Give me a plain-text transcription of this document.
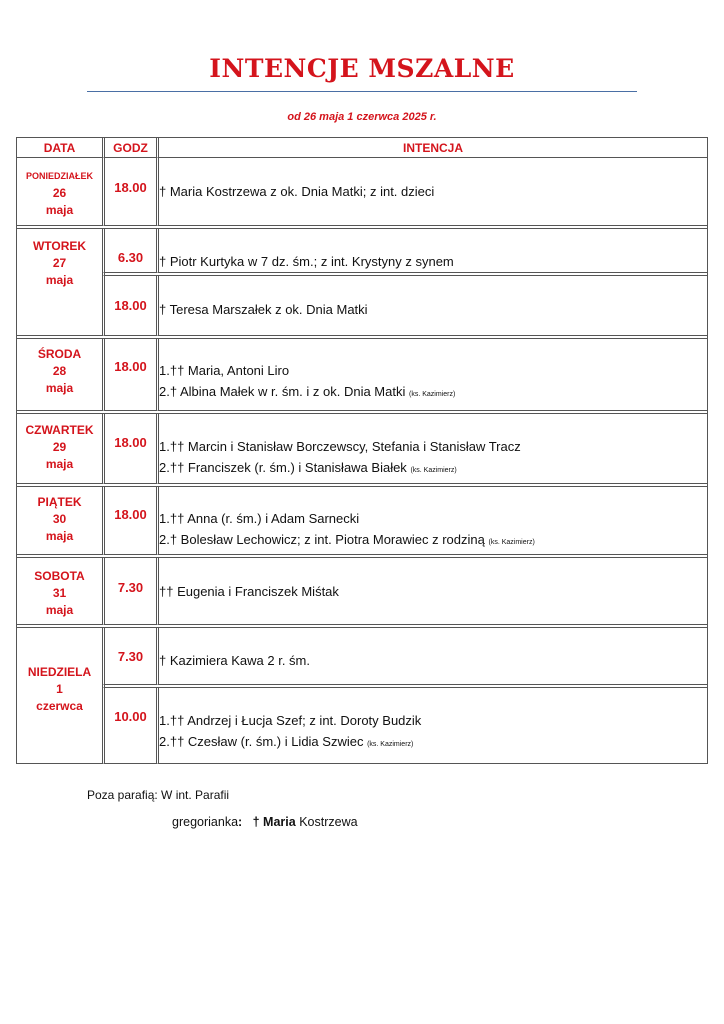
INTENCJE MSZALNE
od 26 maja 1 czerwca 2025 r.
DATA	GODZ	INTENCJA

PONIEDZIAŁEK
26
maja	18.00	† Maria Kostrzewa z ok. Dnia Matki; z int. dzieci

WTOREK
27
maja	6.30	† Piotr Kurtyka w 7 dz. śm.; z int. Krystyny z synem

	18.00	† Teresa Marszałek z ok. Dnia Matki

ŚRODA
28
maja	18.00	1.†† Maria, Antoni Liro
2.† Albina Małek w r. śm. i z ok. Dnia Matki (ks. Kazimierz)

CZWARTEK
29
maja	18.00	1.†† Marcin i Stanisław Borczewscy, Stefania i Stanisław Tracz
2.†† Franciszek (r. śm.) i Stanisława Białek (ks. Kazimierz)

PIĄTEK
30
maja	18.00	1.†† Anna (r. śm.) i Adam Sarnecki
2.† Bolesław Lechowicz; z int. Piotra Morawiec z rodziną (ks. Kazimierz)

SOBOTA
31
maja	7.30	†† Eugenia i Franciszek Miśtak

NIEDZIELA
1
czerwca	7.30	† Kazimiera Kawa 2 r. śm.

	10.00	1.†† Andrzej i Łucja Szef; z int. Doroty Budzik
2.†† Czesław (r. śm.) i Lidia Szwiec (ks. Kazimierz)
Poza parafią: W int. Parafii
gregorianka: † Maria Kostrzewa
